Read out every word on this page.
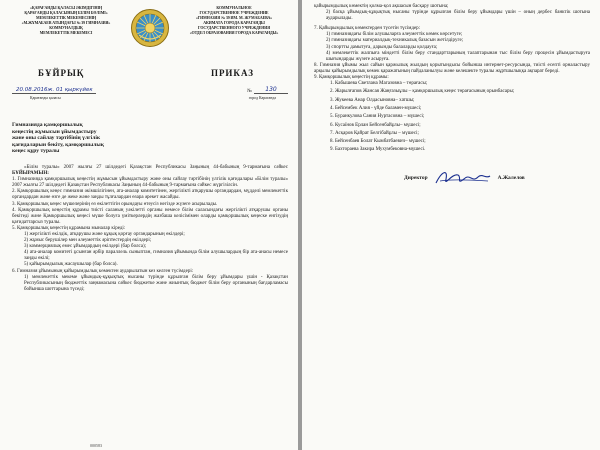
«ҚАРАҒАНДЫ ҚАЛАСЫ ӘКІМДІГІНІҢ
ҚАРАҒАНДЫ ҚАЛАСЫНЫҢ БІЛІМ БӨЛІМІ»
МЕМЛЕКЕТТІК МЕКЕМЕСІНІҢ
«М.ЖҰМАБАЕВ АТЫНДАҒЫ № 39 ГИМНАЗИЯ»
КОММУНАЛДЫҚ
МЕМЛЕКЕТТІК МЕКЕМЕСІ
КОММУНАЛЬНОЕ
ГОСУДАРСТВЕННОЕ УЧРЕЖДЕНИЕ
«ГИМНАЗИЯ № 39 ИМ. М. ЖУМАБАЕВА»
АКИМАТА ГОРОДА КАРАГАНДЫ
ГОСУДАРСТВЕННОГО УЧРЕЖДЕНИЯ
«ОТДЕЛ ОБРАЗОВАНИЯ ГОРОДА КАРАГАНДЫ»
БҰЙРЫҚ	ПРИКАЗ
20.08.2016ж. 01 қыркүйек	№	130
Қарағанды қаласы	город Караганда
Гимназияда қамқоршылық
кеңестің жұмысын ұйымдастыру
және оны сайлау тәртібінің үлгілік
қағидаларын бекіту, қамқоршылық
кеңес құру туралы

«Білім туралы» 2007 жылғы 27 шілдедегі Қазақстан Республикасы Заңының 44-бабының 9-тармағына сәйкес БҰЙЫРАМЫН:

1. Гимназияда қамқоршылық кеңестің жұмысын ұйымдастыру және оны сайлау тәртібінің үлгілік қағидалары «Білім туралы» 2007 жылғы 27 шілдедегі Қазақстан Республикасы Заңының 44-бабының 9-тармағына сәйкес жүргізілсін.

2. Қамқоршылық кеңес гимназия әкімшілігінен, ата-аналар комитетінен, жергілікті атқарушы органдардан, мүдделі мемлекеттік органдардан және өзге де жеке және заңды тұлғалардан өзара әрекет жасайды.

3. Қамқоршылық кеңес мүшелерінің өз өкілеттігін орындауы өтеусіз негізде жүзеге асырылады.

4. Қамқоршылық кеңестің құрамы тиісті саланың уәкілетті органы немесе білім саласындағы жергілікті атқарушы органы бекітеді және Қамқоршылық кеңесі мүше болуға үміткерлердің жазбаша келісімімен оларды қамқоршылық кеңеске енгізудің қағидаттарсыз туралы.

5. Қамқоршылық кеңестің құрамына мыналар кіреді:

1) жергілікті өкілдік, атқарушы және құқық қорғау органдарының өкілдері;

2) жұмыс берушілер мен әлеуметтік әріптестердің өкілдері;

3) коммерциялық емес ұйымдардың өкілдері (бар болса);

4) ата-аналар комитеті ұсынған әрбір параллель сыныптан, гимназия ұйымында білім алушылардың бір ата-анасы немесе заңды өкілі;

5) қайырымдылық жасаушылар (бар болса).

6. Гимназия ұйымының қайырымдылық көмектен аударылатын кез келген түсімдері:

1) мемлекеттік мекеме ұйымдық-құқықтық нысаны түрінде құрылған білім беру ұйымдары үшін - Қазақстан Республикасының бюджеттік заңнамасына сәйкес бюджетке және жиынтық бюджет білім беру органының бағдарламасы бойынша шоттарына түседі;

000583

қайырымдылық көмектің қолма-қол ақшасын басқару шотына;

2) басқа ұйымдық-құқықтық нысаны түрінде құрылған білім беру ұйымдары үшін – оның дербес банктік шотына аударылады.

7. Қайырымдылық көмектерден түсетін түсімдер:

1) гимназиядағы білім алушыларға әлеуметтік көмек көрсетуге;

2) гимназиядағы материалдық-техникалық базасын жетілдіруге;

3) спортты дамытуға, дарынды балаларды қолдауға;

4) мемлекеттік жалпыға міндетті білім беру стандарттарының талаптарынан тыс білім беру процесін ұйымдастыруға шығындарды жүзеге асыруға.

8. Гимназия ұйымы жыл сайын қаржылық жылдың қорытындысы бойынша интернет-ресурсында, тиісті есепті орналастыру арқылы қайырымдылық көмек қаражатының пайдаланылуы және келешекте туралы жұртшылыққа ақпарат береді.

9. Қамқоршылық кеңестің құрамы:

1. Кабышева Светлана Магазовна – төрағасы;
2. Жарылғапов Жансая Жаңғазыұлы – қамқоршылық кеңес төрағасының орынбасары;
3. Жукеева Анар Олдасыновна– хатшы;
4. Бейсембек Алия - үйде баламен-мүшесі;
5. Буранкулова Сания Нуртасовна – мүшесі;
6. Кусаїнов Ерлан Бейсенбайұлы– мүшесі;
7. Асқаров Қайрат Белгібайұлы – мүшесі;
8. Бейсенбаев Болат Кымбатбаевич– мүшесі;
9. Бахтораева Закира Мухумбековна-мүшесі.
Директор	А.Жалелов
